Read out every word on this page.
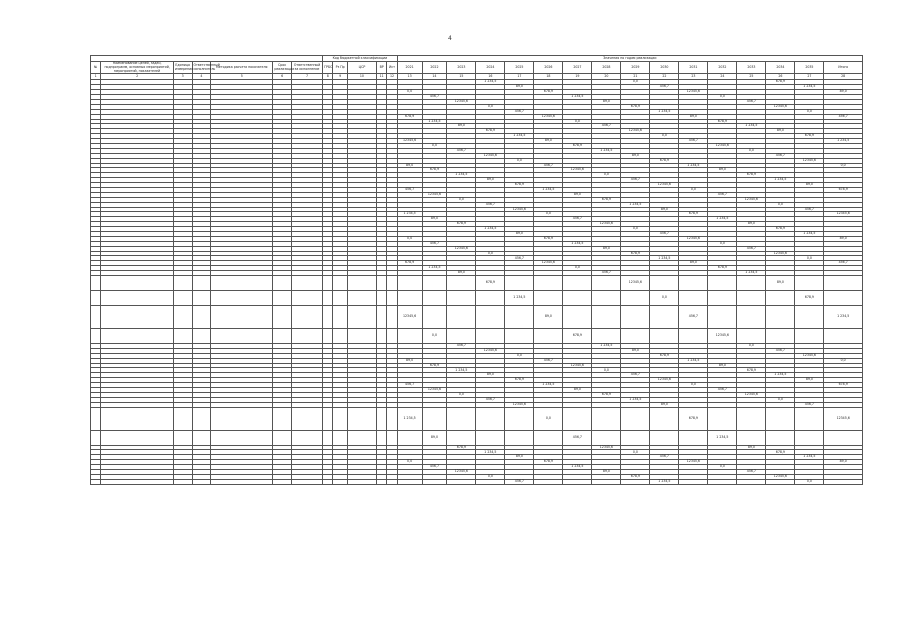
4
							Код бюджетной классификации					Значения по годам реализации															
№	Наименование целей, задач, подпрограмм, основных мероприятий, мероприятий, показателей	Единица измерения	Ответственный исполнитель	Методика расчета показателя	Срок реализации	Ответственный за исполнение	ГРБС	Рз Пр	ЦСР	ВР	Ист	2021	2022	2023	2024	2025	2026	2027	2028	2029	2030	2031	2032	2033	2034	2035	Итого
1	2	3	4	5	6	7	8	9	10	11	12	13	14	15	16	17	18	19	20	21	22	23	24	25	26	27	28
															1 234,5					0,0					678,9		
																89,0					456,7					1 234,5	
												0,0					678,9					12345,6					89,0
													456,7					1 234,5					0,0				
														12345,6					89,0					456,7			
															0,0					678,9					12345,6		
																456,7					1 234,5					0,0	
												678,9					12345,6					89,0					456,7
													1 234,5					0,0					678,9				
														89,0					456,7					1 234,5			
															678,9					12345,6					89,0		
																1 234,5					0,0					678,9	
												12345,6					89,0					456,7					1 234,5
													0,0					678,9					12345,6				
														456,7					1 234,5					0,0			
															12345,6					89,0					456,7		
																0,0					678,9					12345,6	
												89,0					456,7					1 234,5					0,0
													678,9					12345,6					89,0				
														1 234,5					0,0					678,9			
															89,0					456,7					1 234,5		
																678,9					12345,6					89,0	
												456,7					1 234,5					0,0					678,9
													12345,6					89,0					456,7				
														0,0					678,9					12345,6			
															456,7					1 234,5					0,0		
																12345,6					89,0					456,7	
												1 234,5					0,0					678,9					12345,6
													89,0					456,7					1 234,5				
														678,9					12345,6					89,0			
															1 234,5					0,0					678,9		
																89,0					456,7					1 234,5	
												0,0					678,9					12345,6					89,0
													456,7					1 234,5					0,0				
														12345,6					89,0					456,7			
															0,0					678,9					12345,6		
																456,7					1 234,5					0,0	
												678,9					12345,6					89,0					456,7
													1 234,5					0,0					678,9				
														89,0					456,7					1 234,5			
															678,9					12345,6					89,0		
																1 234,5					0,0					678,9	
												12345,6					89,0					456,7					1 234,5
													0,0					678,9					12345,6				
														456,7					1 234,5					0,0			
															12345,6					89,0					456,7		
																0,0					678,9					12345,6	
												89,0					456,7					1 234,5					0,0
													678,9					12345,6					89,0				
														1 234,5					0,0					678,9			
															89,0					456,7					1 234,5		
																678,9					12345,6					89,0	
												456,7					1 234,5					0,0					678,9
													12345,6					89,0					456,7				
														0,0					678,9					12345,6			
															456,7					1 234,5					0,0		
																12345,6					89,0					456,7	
												1 234,5					0,0					678,9					12345,6
													89,0					456,7					1 234,5				
														678,9					12345,6					89,0			
															1 234,5					0,0					678,9		
																89,0					456,7					1 234,5	
												0,0					678,9					12345,6					89,0
													456,7					1 234,5					0,0				
														12345,6					89,0					456,7			
															0,0					678,9					12345,6		
																456,7					1 234,5					0,0	
